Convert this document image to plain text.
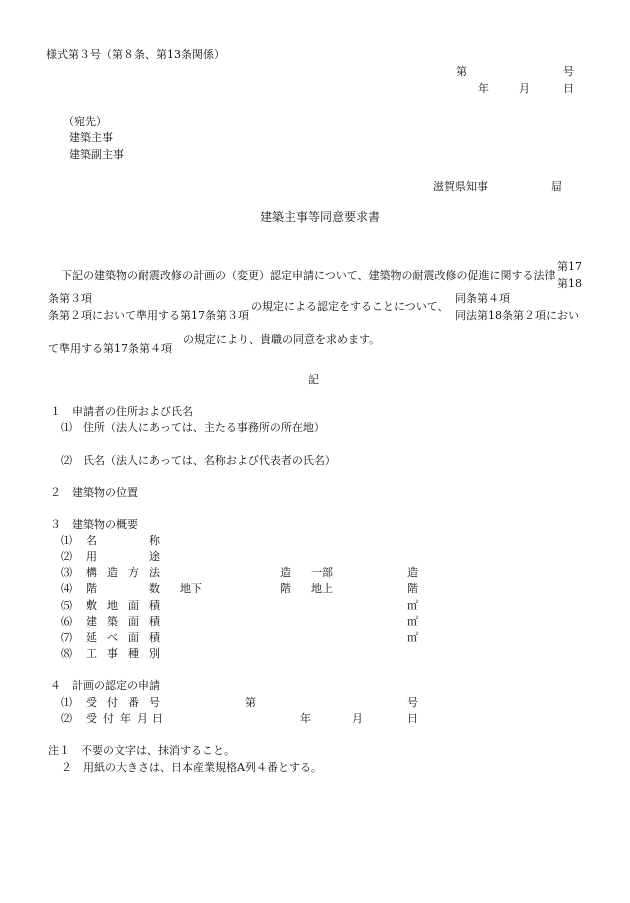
様式第３号（第８条、第13条関係）
第	号
年	月	日
（宛先）
建築主事
建築副主事
滋賀県知事	屇
建築主事等同意要求書
下記の建築物の耐震改修の計画の（変更）認定申請について、建築物の耐震改修の促進に関する法律
第17
第18
条第３項
条第２項において準用する第17条第３項
の規定による認定をすることについて、
同条第４項
同法第18条第２項におい
て準用する第17条第４項
の規定により、貴職の同意を求めます。
記
１　申請者の住所および氏名
⑴　住所（法人にあっては、主たる事務所の所在地）
⑵　氏名（法人にあっては、名称および代表者の氏名）
２　建築物の位置
３　建築物の概要
⑴ 名	称
⑵ 用	途
⑶ 構 造 方 法	造 一部	造
⑷ 階	数 地下	階 地上	階
⑸ 敷 地 面 積	㎡
⑹ 建 築 面 積	㎡
⑺ 延 べ 面 積	㎡
⑻ 工 事 種 別
４　計画の認定の申請
⑴ 受 付 番 号	第	号
⑵ 受 付 年 月 日	年	月	日
注１　不要の文字は、抹消すること。
２　用紙の大きさは、日本産業規格A列４番とする。
